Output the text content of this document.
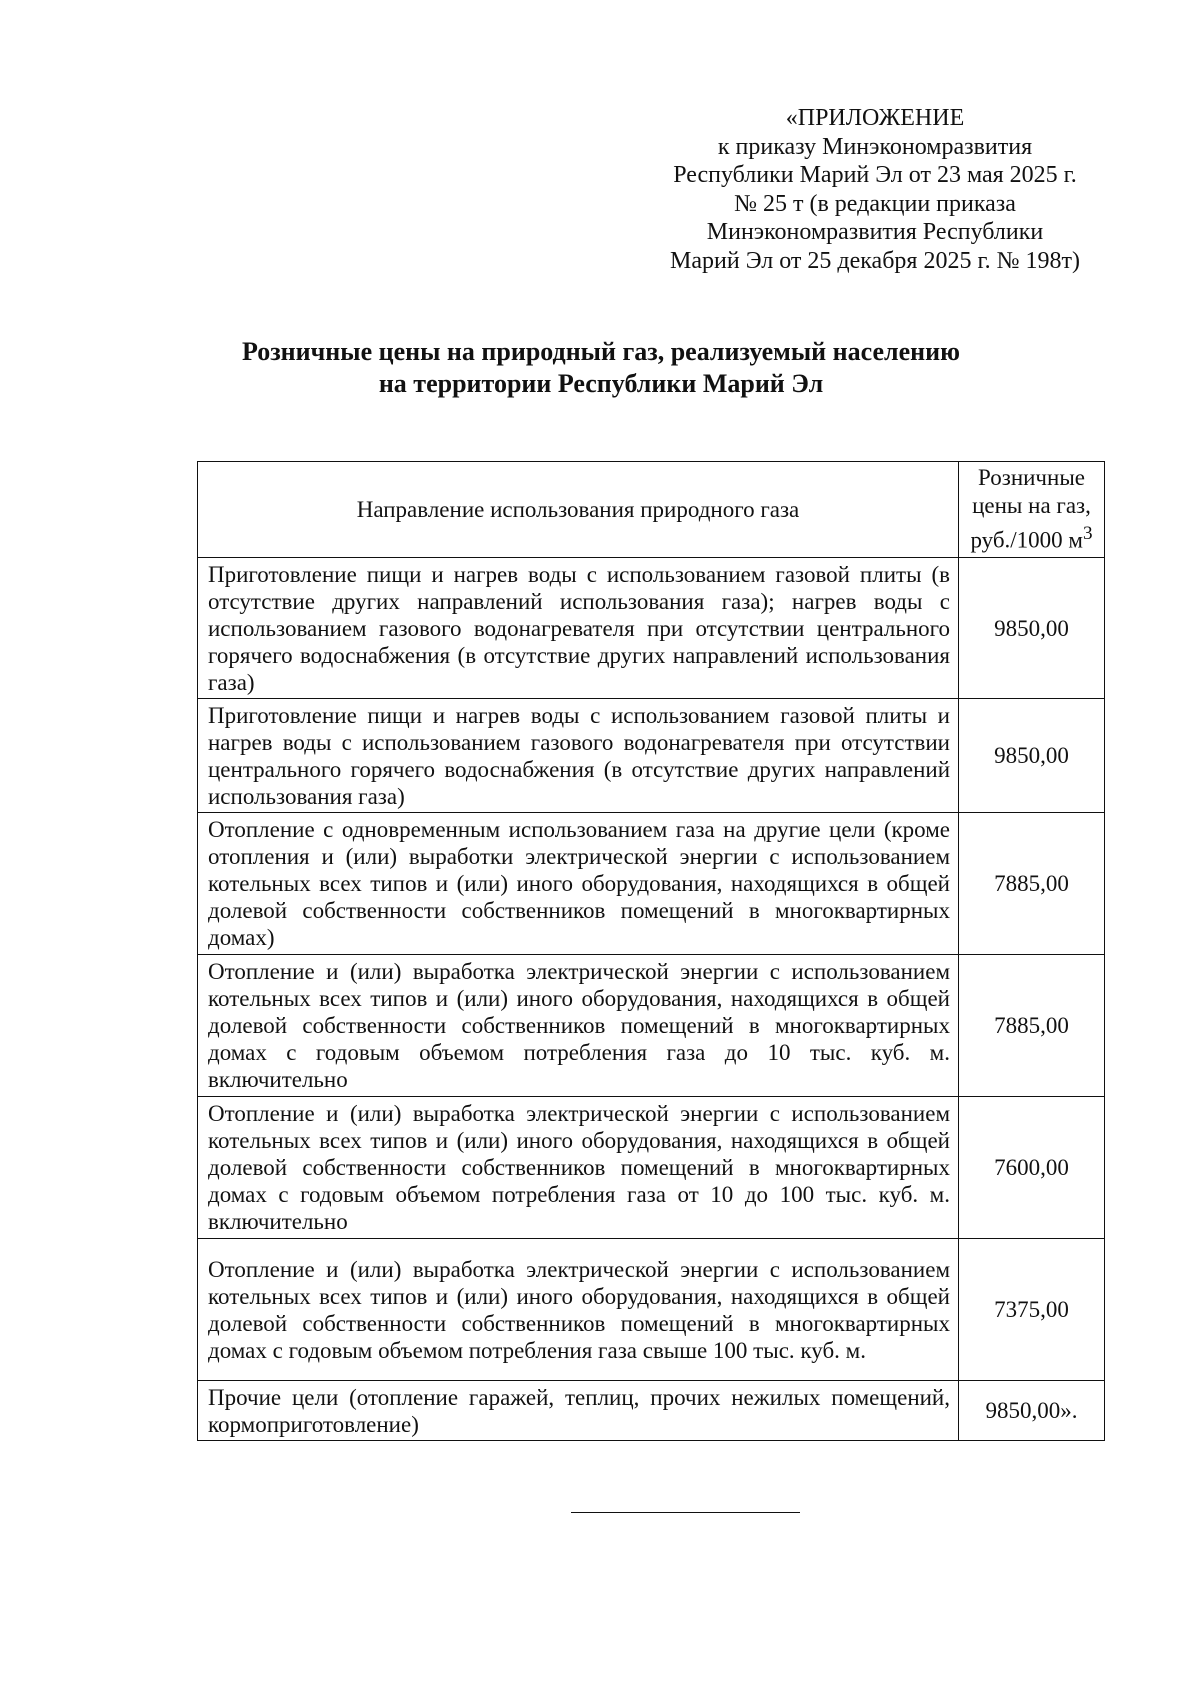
«ПРИЛОЖЕНИЕ
к приказу Минэкономразвития
Республики Марий Эл от 23 мая 2025 г.
№ 25 т (в редакции приказа
Минэкономразвития Республики
Марий Эл от 25 декабря 2025 г. № 198т)
Розничные цены на природный газ, реализуемый населению
на территории Республики Марий Эл
Направление использования природного газа	Розничные
цены на газ,
руб./1000 $м^3$
Приготовление пищи и нагрев воды с использованием газовой плиты (в отсутствие других направлений использования газа); нагрев воды с использованием газового водонагревателя при отсутствии центрального горячего водоснабжения (в отсутствие других направлений использования газа)	9850,00
Приготовление пищи и нагрев воды с использованием газовой плиты и нагрев воды с использованием газового водонагревателя при отсутствии центрального горячего водоснабжения (в отсутствие других направлений использования газа)	9850,00
Отопление с одновременным использованием газа на другие цели (кроме отопления и (или) выработки электрической энергии с использованием котельных всех типов и (или) иного оборудования, находящихся в общей долевой собственности собственников помещений в многоквартирных домах)	7885,00
Отопление и (или) выработка электрической энергии с использованием котельных всех типов и (или) иного оборудования, находящихся в общей долевой собственности собственников помещений в многоквартирных домах с годовым объемом потребления газа до 10 тыс. куб. м. включительно	7885,00
Отопление и (или) выработка электрической энергии с использованием котельных всех типов и (или) иного оборудования, находящихся в общей долевой собственности собственников помещений в многоквартирных домах с годовым объемом потребления газа от 10 до 100 тыс. куб. м. включительно	7600,00
Отопление и (или) выработка электрической энергии с использованием котельных всех типов и (или) иного оборудования, находящихся в общей долевой собственности собственников помещений в многоквартирных домах с годовым объемом потребления газа свыше 100 тыс. куб. м.	7375,00
Прочие цели (отопление гаражей, теплиц, прочих нежилых помещений, кормоприготовление)	9850,00».
